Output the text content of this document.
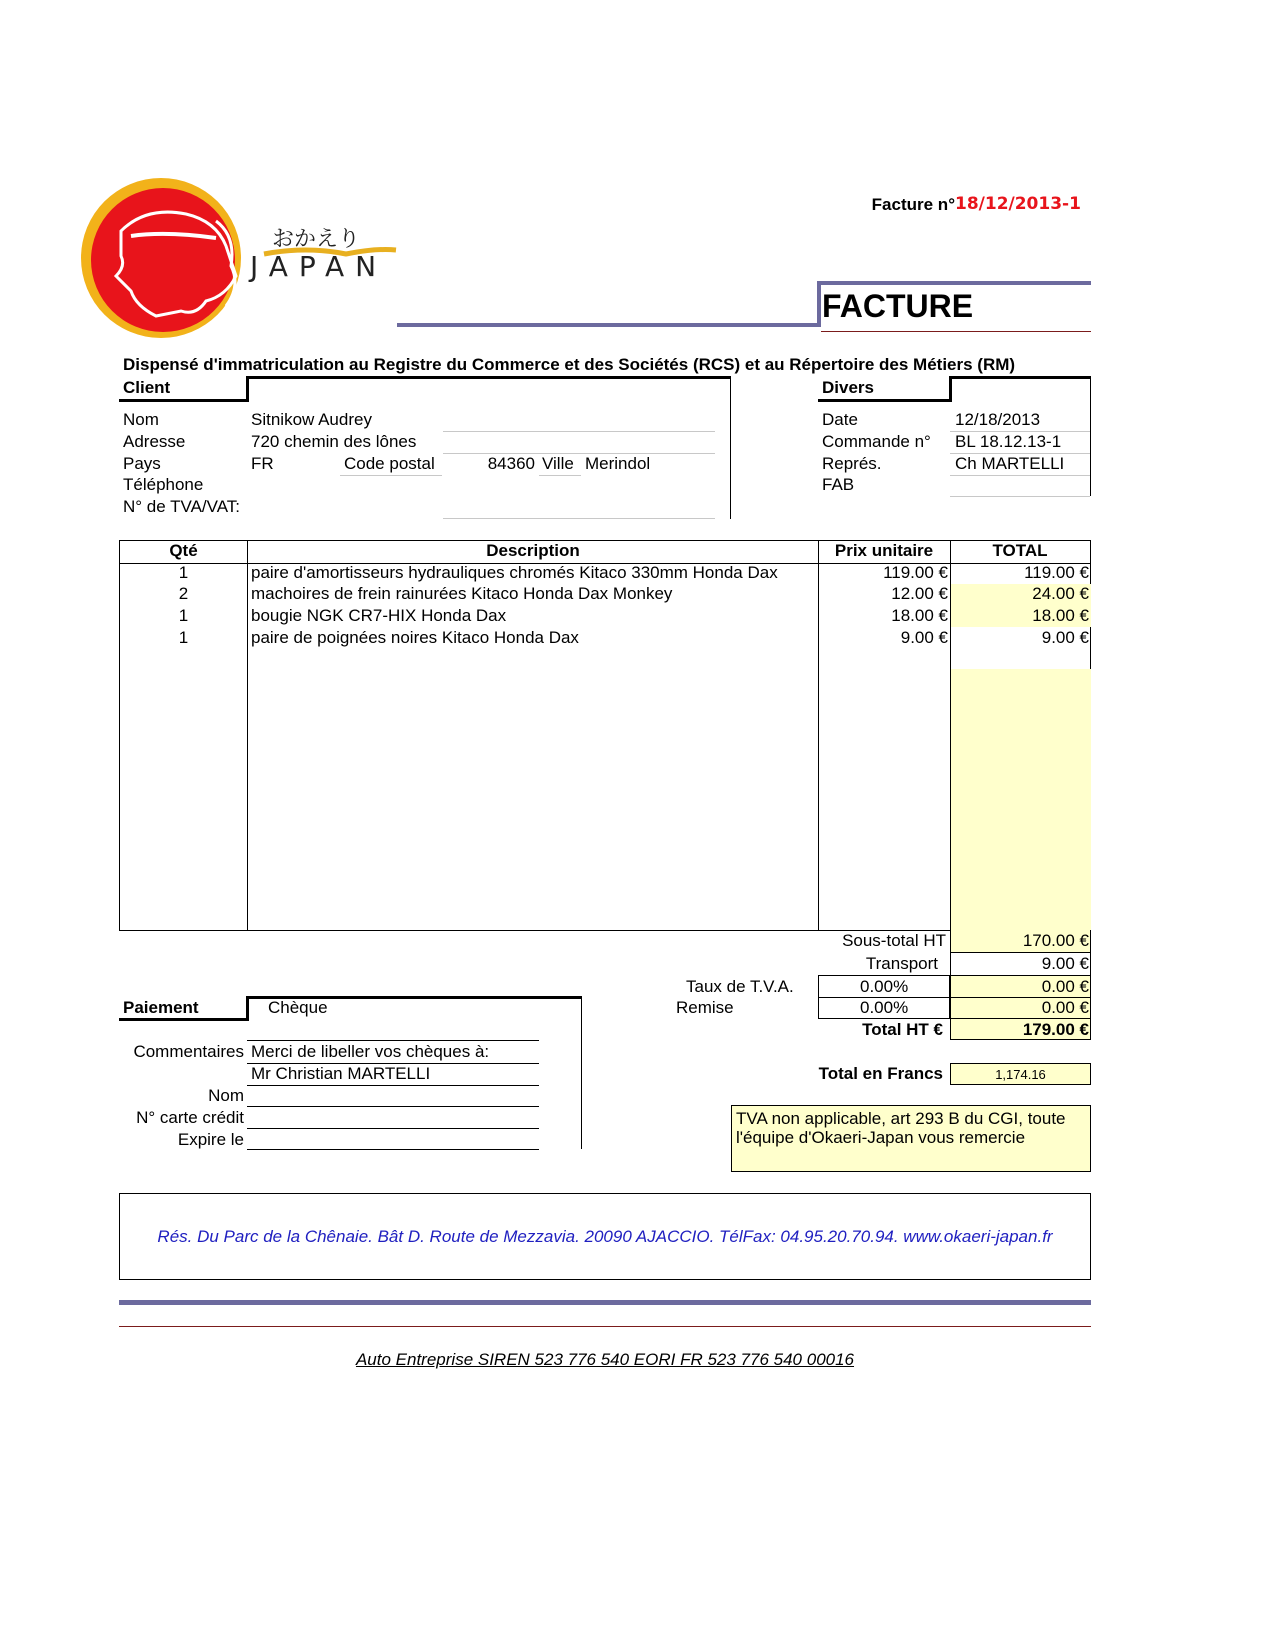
おかえり
JAPAN
Facture n° 18/12/2013-1
FACTURE
Dispensé d'immatriculation au Registre du Commerce et des Sociétés (RCS) et au Répertoire des Métiers (RM)
Client
Nom	Sitnikow Audrey
Adresse	720 chemin des lônes
Pays	FR	Code postal	84360 Ville Merindol
Téléphone
N° de TVA/VAT:
Divers
Date	12/18/2013
Commande n° BL 18.12.13-1
Représ.	Ch MARTELLI
FAB
Qté	Description	Prix unitaire	TOTAL
1	paire d'amortisseurs hydrauliques chromés Kitaco 330mm Honda Dax	119.00 €	119.00 €
2	machoires de frein rainurées Kitaco Honda Dax Monkey	12.00 €	24.00 €
1	bougie NGK CR7-HIX Honda Dax	18.00 €	18.00 €
1	paire de poignées noires Kitaco Honda Dax	9.00 €	9.00 €
Sous-total HT	170.00 €
Transport	9.00 €
Taux de T.V.A.	0.00%	0.00 €
Remise	0.00%	0.00 €
Total HT €	179.00 €
Total en Francs	1,174.16
Paiement	Chèque
Commentaires Merci de libeller vos chèques à:
Mr Christian MARTELLI
Nom
N° carte crédit
Expire le
TVA non applicable, art 293 B du CGI, toute l'équipe d'Okaeri-Japan vous remercie
Rés. Du Parc de la Chênaie. Bât D. Route de Mezzavia. 20090 AJACCIO. TélFax: 04.95.20.70.94. www.okaeri-japan.fr
Auto Entreprise SIREN 523 776 540 EORI FR 523 776 540 00016
